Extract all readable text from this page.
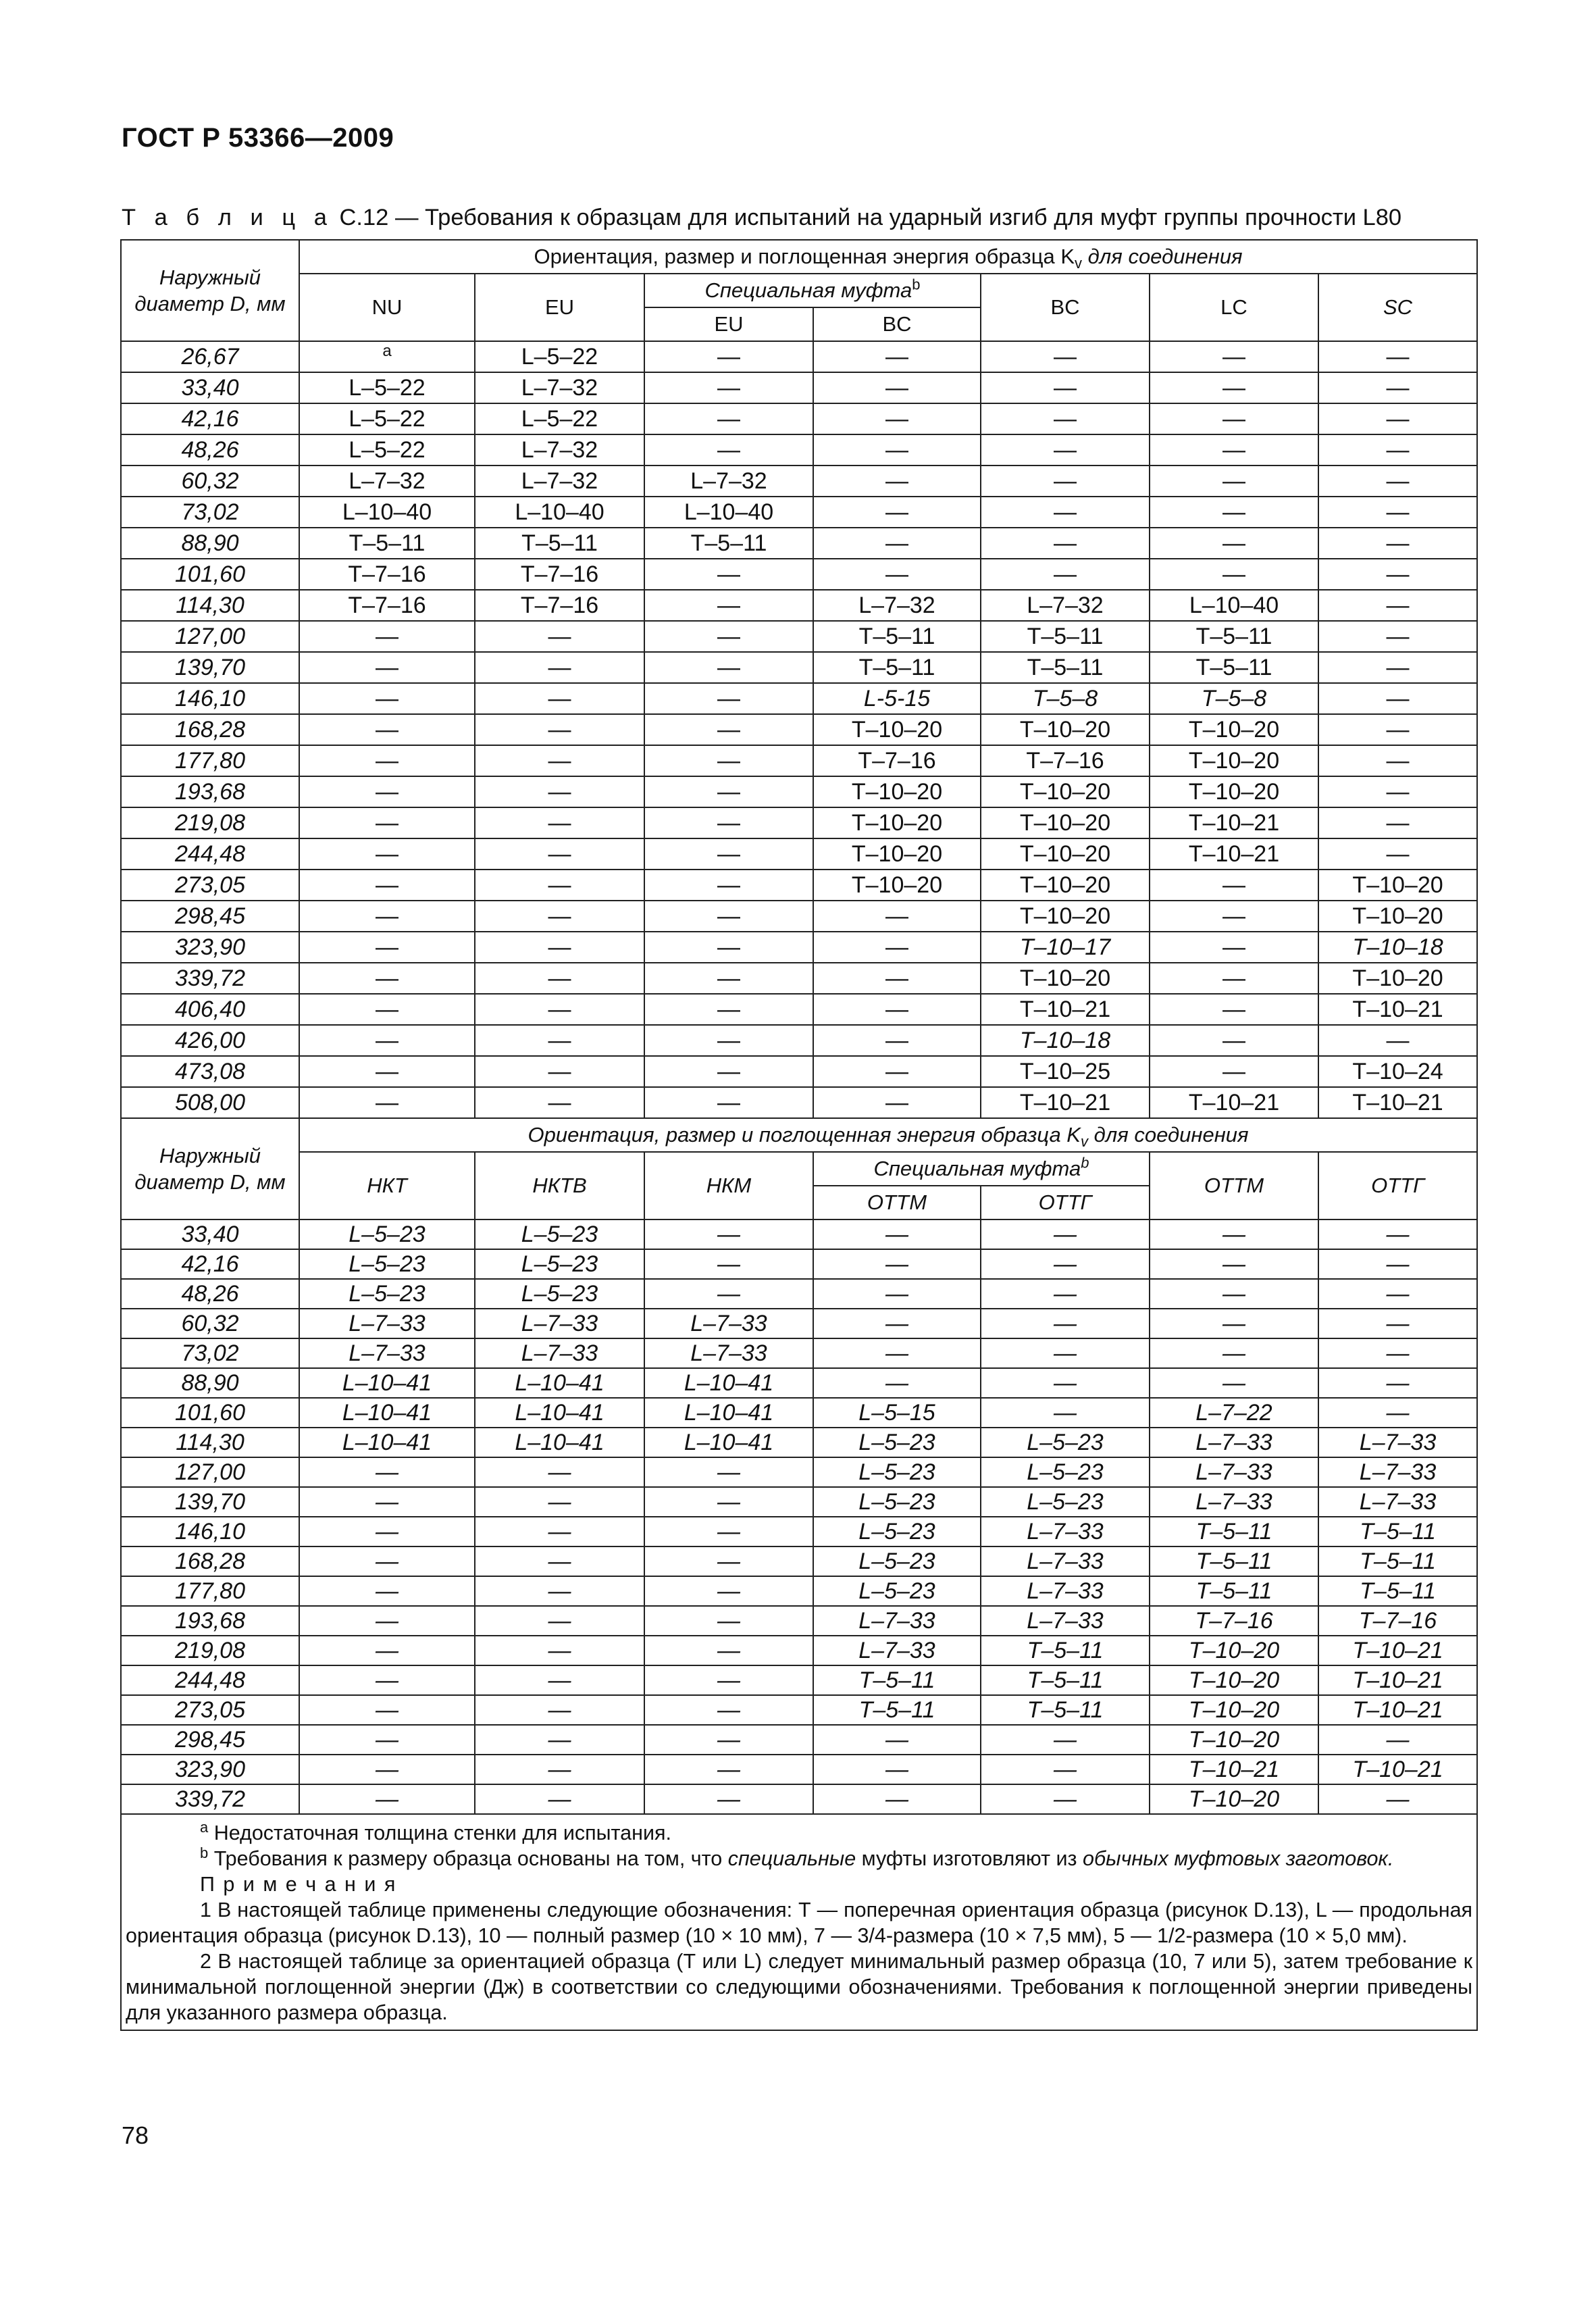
ГОСТ Р 53366—2009
Т а б л и ц а С.12 — Требования к образцам для испытаний на ударный изгиб для муфт группы прочности L80
Наружный диаметр D, мм	Ориентация, размер и поглощенная энергия образца $K_v$ для соединения						
	NU	EU	Специальная муфта$^b$		BC	LC	SC
			EU	BC			
26,67	a	L–5–22	—	—	—	—	—
33,40	L–5–22	L–7–32	—	—	—	—	—
42,16	L–5–22	L–5–22	—	—	—	—	—
48,26	L–5–22	L–7–32	—	—	—	—	—
60,32	L–7–32	L–7–32	L–7–32	—	—	—	—
73,02	L–10–40	L–10–40	L–10–40	—	—	—	—
88,90	T–5–11	T–5–11	T–5–11	—	—	—	—
101,60	T–7–16	T–7–16	—	—	—	—	—
114,30	T–7–16	T–7–16	—	L–7–32	L–7–32	L–10–40	—
127,00	—	—	—	T–5–11	T–5–11	T–5–11	—
139,70	—	—	—	T–5–11	T–5–11	T–5–11	—
146,10	—	—	—	L-5-15	T–5–8	T–5–8	—
168,28	—	—	—	T–10–20	T–10–20	T–10–20	—
177,80	—	—	—	T–7–16	T–7–16	T–10–20	—
193,68	—	—	—	T–10–20	T–10–20	T–10–20	—
219,08	—	—	—	T–10–20	T–10–20	T–10–21	—
244,48	—	—	—	T–10–20	T–10–20	T–10–21	—
273,05	—	—	—	T–10–20	T–10–20	—	T–10–20
298,45	—	—	—	—	T–10–20	—	T–10–20
323,90	—	—	—	—	T–10–17	—	T–10–18
339,72	—	—	—	—	T–10–20	—	T–10–20
406,40	—	—	—	—	T–10–21	—	T–10–21
426,00	—	—	—	—	T–10–18	—	—
473,08	—	—	—	—	T–10–25	—	T–10–24
508,00	—	—	—	—	T–10–21	T–10–21	T–10–21
Наружный диаметр D, мм	Ориентация, размер и поглощенная энергия образца $K_v$ для соединения						
	НКТ	НКТВ	НКМ	Специальная муфта$^b$		ОТТМ	ОТТГ
				ОТТМ	ОТТГ		
33,40	L–5–23	L–5–23	—	—	—	—	—
42,16	L–5–23	L–5–23	—	—	—	—	—
48,26	L–5–23	L–5–23	—	—	—	—	—
60,32	L–7–33	L–7–33	L–7–33	—	—	—	—
73,02	L–7–33	L–7–33	L–7–33	—	—	—	—
88,90	L–10–41	L–10–41	L–10–41	—	—	—	—
101,60	L–10–41	L–10–41	L–10–41	L–5–15	—	L–7–22	—
114,30	L–10–41	L–10–41	L–10–41	L–5–23	L–5–23	L–7–33	L–7–33
127,00	—	—	—	L–5–23	L–5–23	L–7–33	L–7–33
139,70	—	—	—	L–5–23	L–5–23	L–7–33	L–7–33
146,10	—	—	—	L–5–23	L–7–33	T–5–11	T–5–11
168,28	—	—	—	L–5–23	L–7–33	T–5–11	T–5–11
177,80	—	—	—	L–5–23	L–7–33	T–5–11	T–5–11
193,68	—	—	—	L–7–33	L–7–33	T–7–16	T–7–16
219,08	—	—	—	L–7–33	T–5–11	T–10–20	T–10–21
244,48	—	—	—	T–5–11	T–5–11	T–10–20	T–10–21
273,05	—	—	—	T–5–11	T–5–11	T–10–20	T–10–21
298,45	—	—	—	—	—	T–10–20	—
323,90	—	—	—	—	—	T–10–21	T–10–21
339,72	—	—	—	—	—	T–10–20	—

$^a$ Недостаточная толщина стенки для испытания.

$^b$ Требования к размеру образца основаны на том, что специальные муфты изготовляют из обычных муфтовых заготовок.

П р и м е ч а н и я

1 В настоящей таблице применены следующие обозначения: Т — поперечная ориентация образца (рисунок D.13), L — продольная ориентация образца (рисунок D.13), 10 — полный размер (10 × 10 мм), 7 — 3/4-размера (10 × 7,5 мм), 5 — 1/2-размера (10 × 5,0 мм).

2 В настоящей таблице за ориентацией образца (Т или L) следует минимальный размер образца (10, 7 или 5), затем требование к минимальной поглощенной энергии (Дж) в соответствии со следующими обозначениями. Требования к поглощенной энергии приведены для указанного размера образца.							

78
